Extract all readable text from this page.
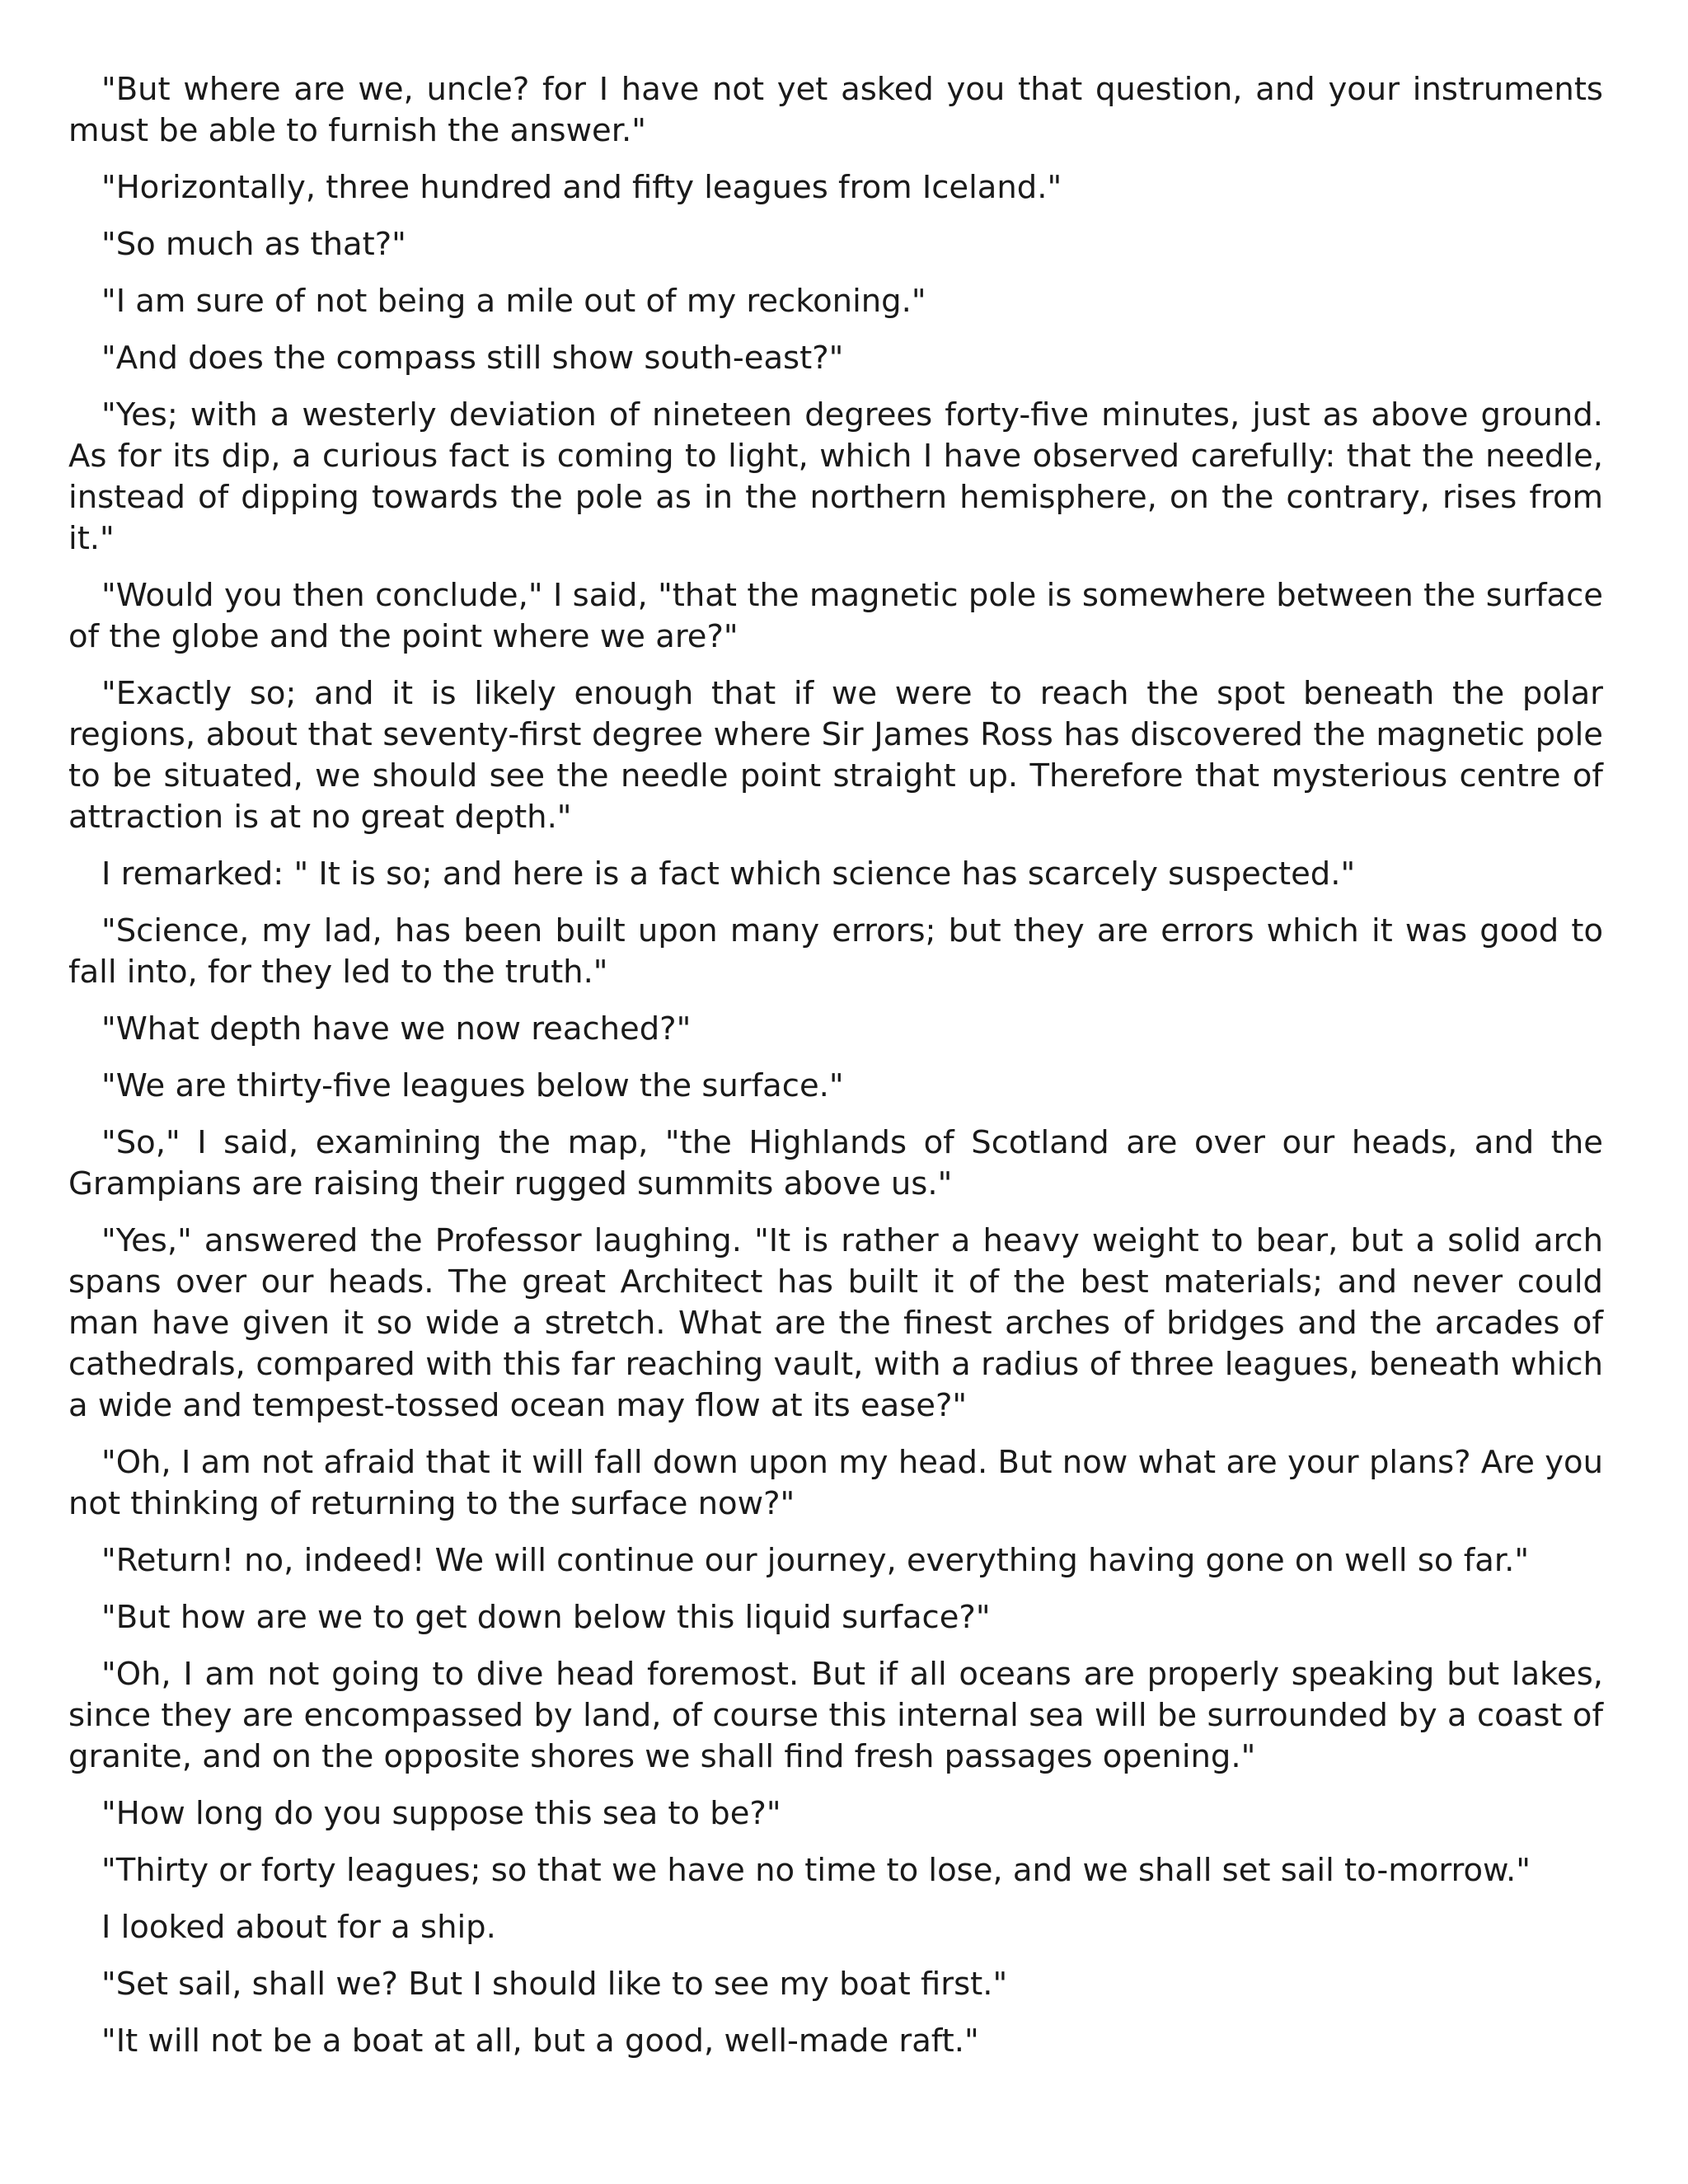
"But where are we, uncle? for I have not yet asked you that question, and your instruments must be able to furnish the answer."

"Horizontally, three hundred and fifty leagues from Iceland."

"So much as that?"

"I am sure of not being a mile out of my reckoning."

"And does the compass still show south-east?"

"Yes; with a westerly deviation of nineteen degrees forty-five minutes, just as above ground. As for its dip, a curious fact is coming to light, which I have observed carefully: that the needle, instead of dipping towards the pole as in the northern hemisphere, on the contrary, rises from it."

"Would you then conclude," I said, "that the magnetic pole is somewhere between the surface of the globe and the point where we are?"

"Exactly so; and it is likely enough that if we were to reach the spot beneath the polar regions, about that seventy-first degree where Sir James Ross has discovered the magnetic pole to be situated, we should see the needle point straight up. Therefore that mysterious centre of attraction is at no great depth."

I remarked: " It is so; and here is a fact which science has scarcely suspected."

"Science, my lad, has been built upon many errors; but they are errors which it was good to fall into, for they led to the truth."

"What depth have we now reached?"

"We are thirty-five leagues below the surface."

"So," I said, examining the map, "the Highlands of Scotland are over our heads, and the Grampians are raising their rugged summits above us."

"Yes," answered the Professor laughing. "It is rather a heavy weight to bear, but a solid arch spans over our heads. The great Architect has built it of the best materials; and never could man have given it so wide a stretch. What are the finest arches of bridges and the arcades of cathedrals, compared with this far reaching vault, with a radius of three leagues, beneath which a wide and tempest-tossed ocean may flow at its ease?"

"Oh, I am not afraid that it will fall down upon my head. But now what are your plans? Are you not thinking of returning to the surface now?"

"Return! no, indeed! We will continue our journey, everything having gone on well so far."

"But how are we to get down below this liquid surface?"

"Oh, I am not going to dive head foremost. But if all oceans are properly speaking but lakes, since they are encompassed by land, of course this internal sea will be surrounded by a coast of granite, and on the opposite shores we shall find fresh passages opening."

"How long do you suppose this sea to be?"

"Thirty or forty leagues; so that we have no time to lose, and we shall set sail to-morrow."

I looked about for a ship.

"Set sail, shall we? But I should like to see my boat first."

"It will not be a boat at all, but a good, well-made raft."
